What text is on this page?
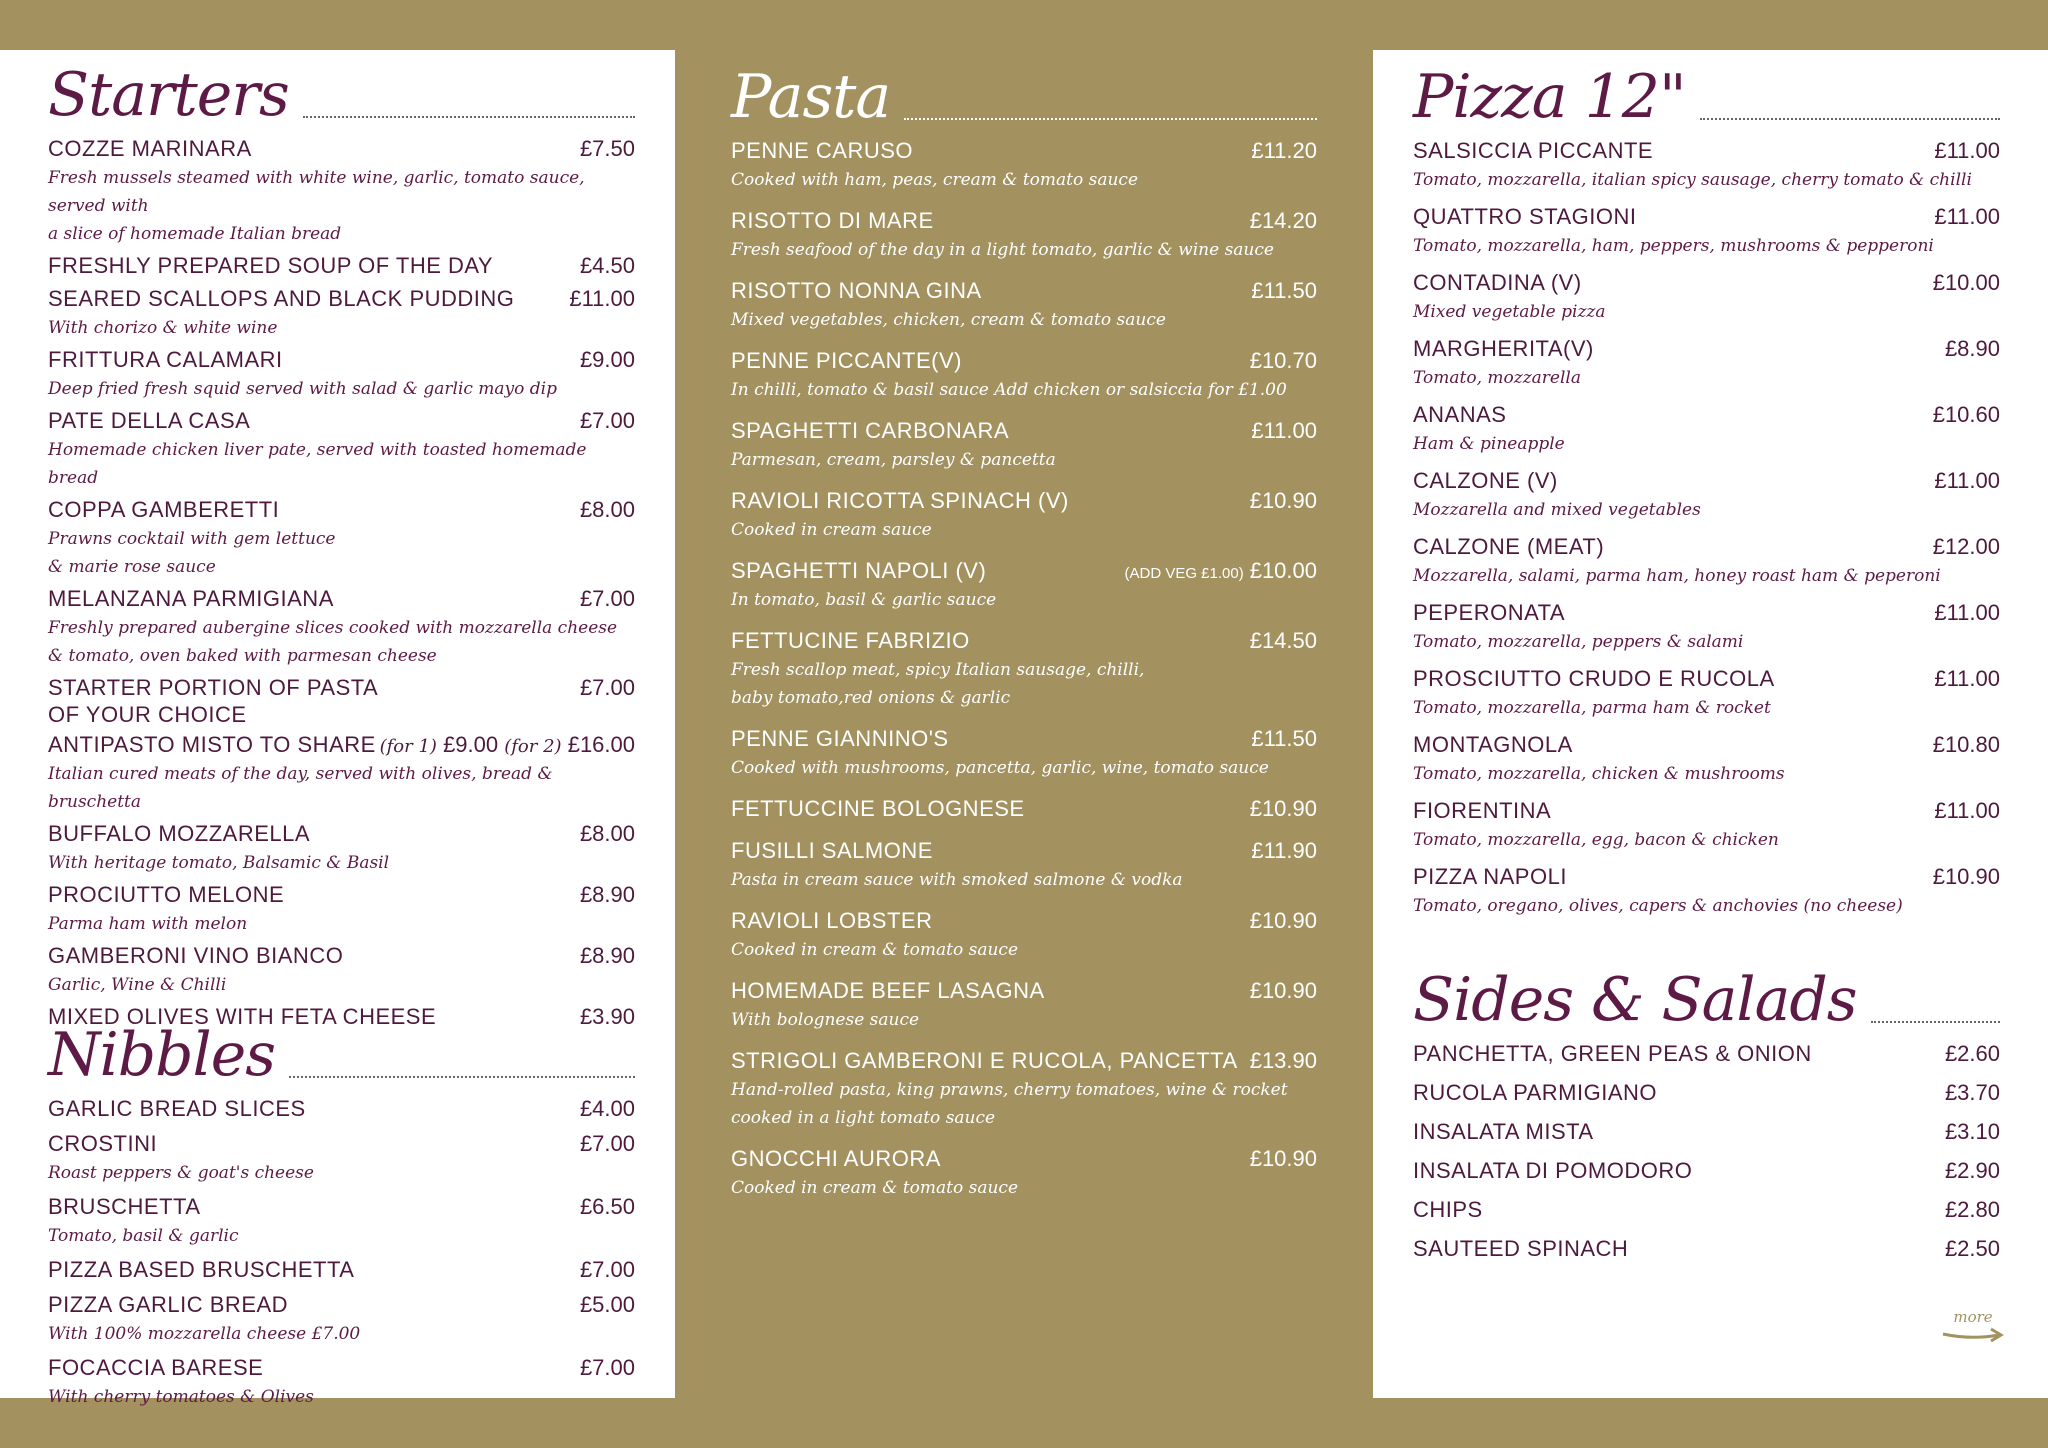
Starters
COZZE MARINARA	£7.50
Fresh mussels steamed with white wine, garlic, tomato sauce, served with
a slice of homemade Italian bread
FRESHLY PREPARED SOUP OF THE DAY	£4.50
SEARED SCALLOPS AND BLACK PUDDING	£11.00
With chorizo & white wine
FRITTURA CALAMARI	£9.00
Deep fried fresh squid served with salad & garlic mayo dip
PATE DELLA CASA	£7.00
Homemade chicken liver pate, served with toasted homemade bread
COPPA GAMBERETTI	£8.00
Prawns cocktail with gem lettuce
& marie rose sauce
MELANZANA PARMIGIANA	£7.00
Freshly prepared aubergine slices cooked with mozzarella cheese
& tomato, oven baked with parmesan cheese
STARTER PORTION OF PASTA	£7.00
OF YOUR CHOICE
ANTIPASTO MISTO TO SHARE (for 1) £9.00 (for 2) £16.00
Italian cured meats of the day, served with olives, bread & bruschetta
BUFFALO MOZZARELLA	£8.00
With heritage tomato, Balsamic & Basil
PROCIUTTO MELONE	£8.90
Parma ham with melon
GAMBERONI VINO BIANCO	£8.90
Garlic, Wine & Chilli
MIXED OLIVES WITH FETA CHEESE	£3.90
Nibbles
GARLIC BREAD SLICES	£4.00
CROSTINI	£7.00
Roast peppers & goat's cheese
BRUSCHETTA	£6.50
Tomato, basil & garlic
PIZZA BASED BRUSCHETTA	£7.00
PIZZA GARLIC BREAD	£5.00
With 100% mozzarella cheese £7.00
FOCACCIA BARESE	£7.00
With cherry tomatoes & Olives
Pasta
PENNE CARUSO	£11.20
Cooked with ham, peas, cream & tomato sauce
RISOTTO DI MARE	£14.20
Fresh seafood of the day in a light tomato, garlic & wine sauce
RISOTTO NONNA GINA	£11.50
Mixed vegetables, chicken, cream & tomato sauce
PENNE PICCANTE(V)	£10.70
In chilli, tomato & basil sauce Add chicken or salsiccia for £1.00
SPAGHETTI CARBONARA	£11.00
Parmesan, cream, parsley & pancetta
RAVIOLI RICOTTA SPINACH (V)	£10.90
Cooked in cream sauce
SPAGHETTI NAPOLI (V)	(ADD VEG £1.00) £10.00
In tomato, basil & garlic sauce
FETTUCINE FABRIZIO	£14.50
Fresh scallop meat, spicy Italian sausage, chilli,
baby tomato,red onions & garlic
PENNE GIANNINO'S	£11.50
Cooked with mushrooms, pancetta, garlic, wine, tomato sauce
FETTUCCINE BOLOGNESE	£10.90
FUSILLI SALMONE	£11.90
Pasta in cream sauce with smoked salmone & vodka
RAVIOLI LOBSTER	£10.90
Cooked in cream & tomato sauce
HOMEMADE BEEF LASAGNA	£10.90
With bolognese sauce
STRIGOLI GAMBERONI E RUCOLA, PANCETTA £13.90
Hand-rolled pasta, king prawns, cherry tomatoes, wine & rocket
cooked in a light tomato sauce
GNOCCHI AURORA	£10.90
Cooked in cream & tomato sauce
Pizza 12"
SALSICCIA PICCANTE	£11.00
Tomato, mozzarella, italian spicy sausage, cherry tomato & chilli
QUATTRO STAGIONI	£11.00
Tomato, mozzarella, ham, peppers, mushrooms & pepperoni
CONTADINA (V)	£10.00
Mixed vegetable pizza
MARGHERITA(V)	£8.90
Tomato, mozzarella
ANANAS	£10.60
Ham & pineapple
CALZONE (V)	£11.00
Mozzarella and mixed vegetables
CALZONE (MEAT)	£12.00
Mozzarella, salami, parma ham, honey roast ham & peperoni
PEPERONATA	£11.00
Tomato, mozzarella, peppers & salami
PROSCIUTTO CRUDO E RUCOLA	£11.00
Tomato, mozzarella, parma ham & rocket
MONTAGNOLA	£10.80
Tomato, mozzarella, chicken & mushrooms
FIORENTINA	£11.00
Tomato, mozzarella, egg, bacon & chicken
PIZZA NAPOLI	£10.90
Tomato, oregano, olives, capers & anchovies (no cheese)
Sides & Salads
PANCHETTA, GREEN PEAS & ONION	£2.60
RUCOLA PARMIGIANO	£3.70
INSALATA MISTA	£3.10
INSALATA DI POMODORO	£2.90
CHIPS	£2.80
SAUTEED SPINACH	£2.50
more
